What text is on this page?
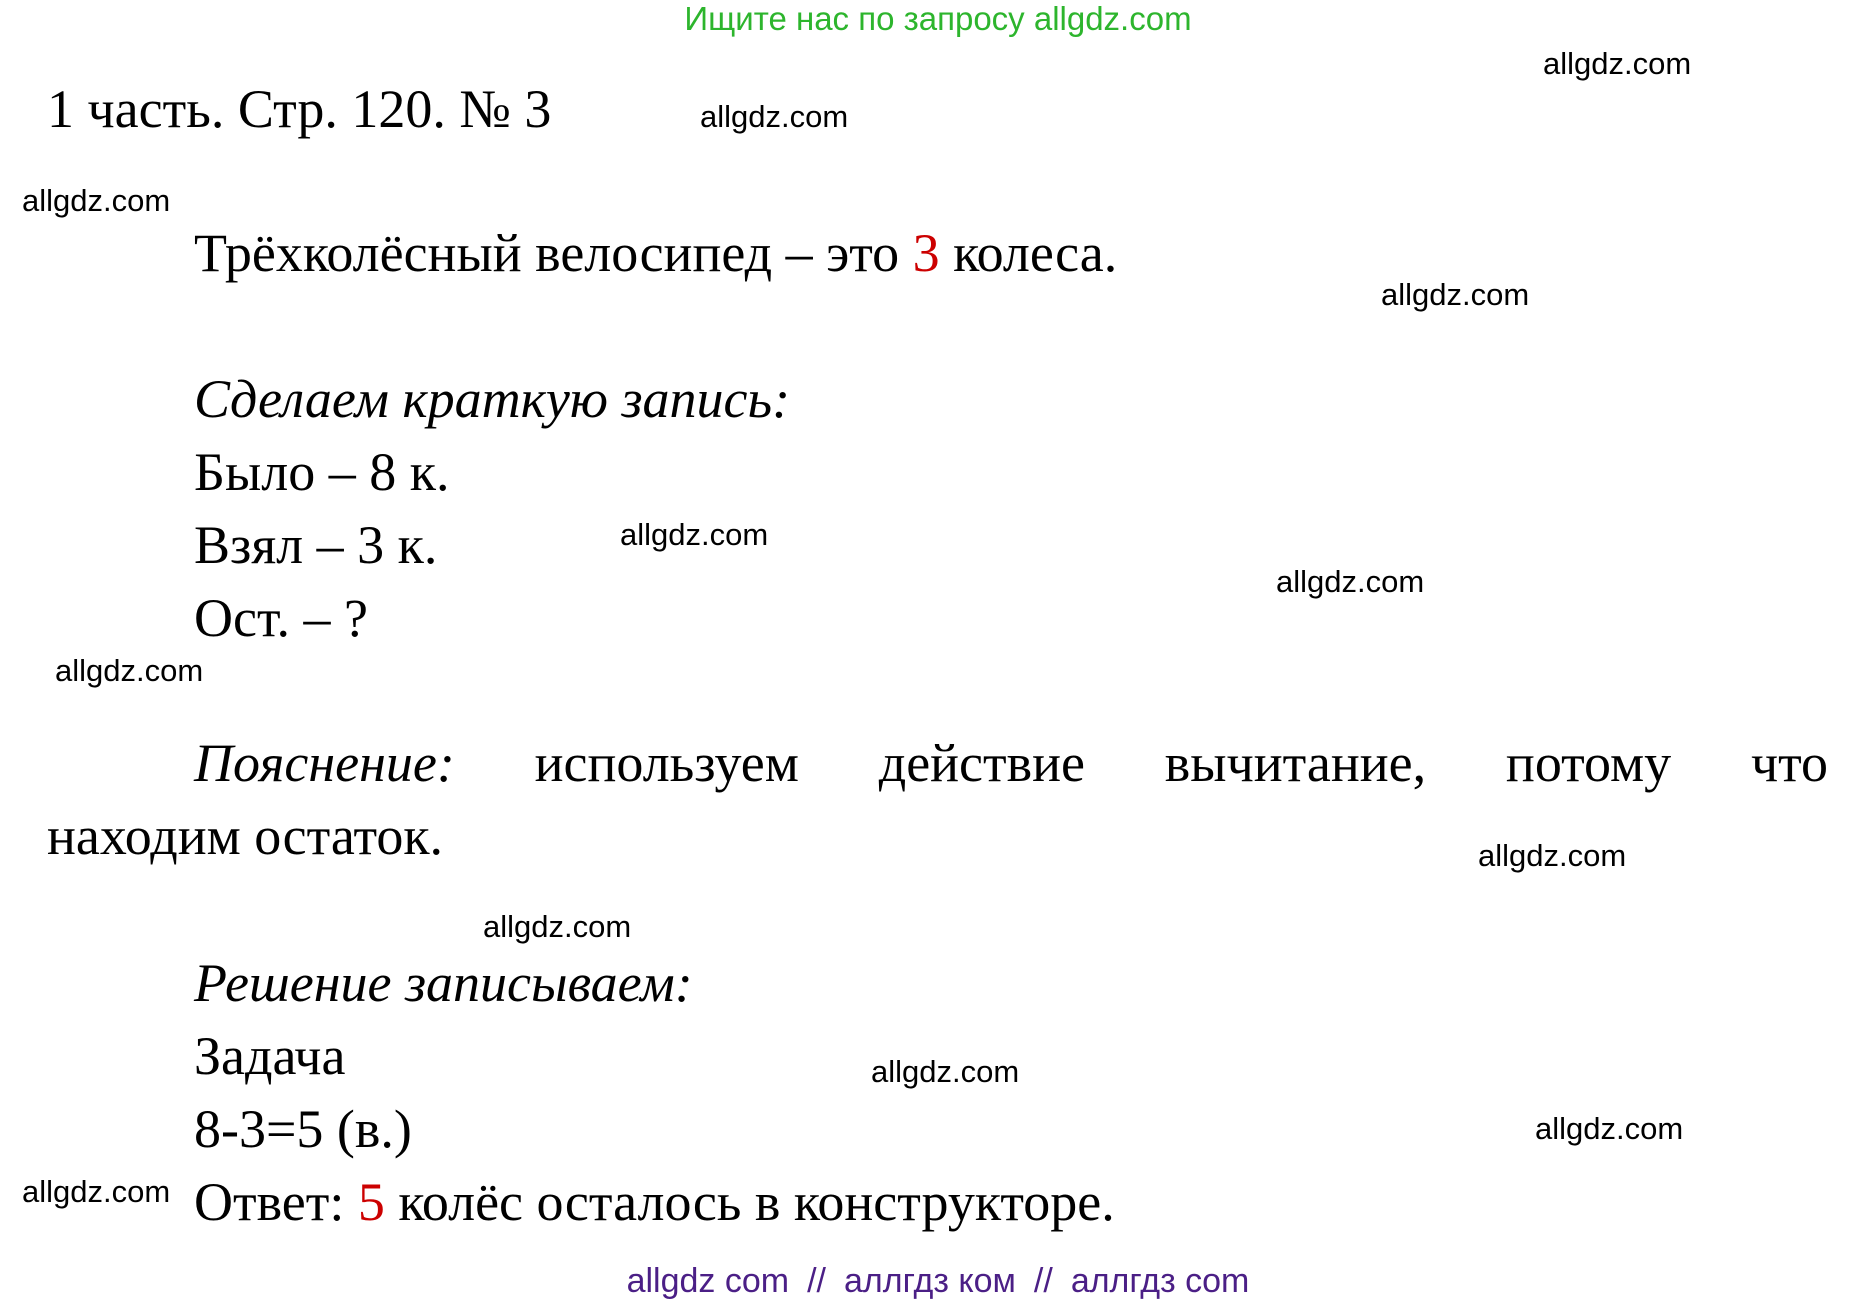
Ищите нас по запросу allgdz.com
1 часть. Стр. 120. № 3
Трёхколёсный велосипед – это 3 колеса.
Сделаем краткую запись:
Было – 8 к.
Взял – 3 к.
Ост. – ?
Пояснение: используем действие вычитание, потому что
находим остаток.
Решение записываем:
Задача
8-3=5 (в.)
Ответ: 5 колёс осталось в конструкторе.
allgdz.com
allgdz.com
allgdz.com
allgdz.com
allgdz.com
allgdz.com
allgdz.com
allgdz.com
allgdz.com
allgdz.com
allgdz.com
allgdz.com
allgdz com // аллгдз ком // аллгдз com
